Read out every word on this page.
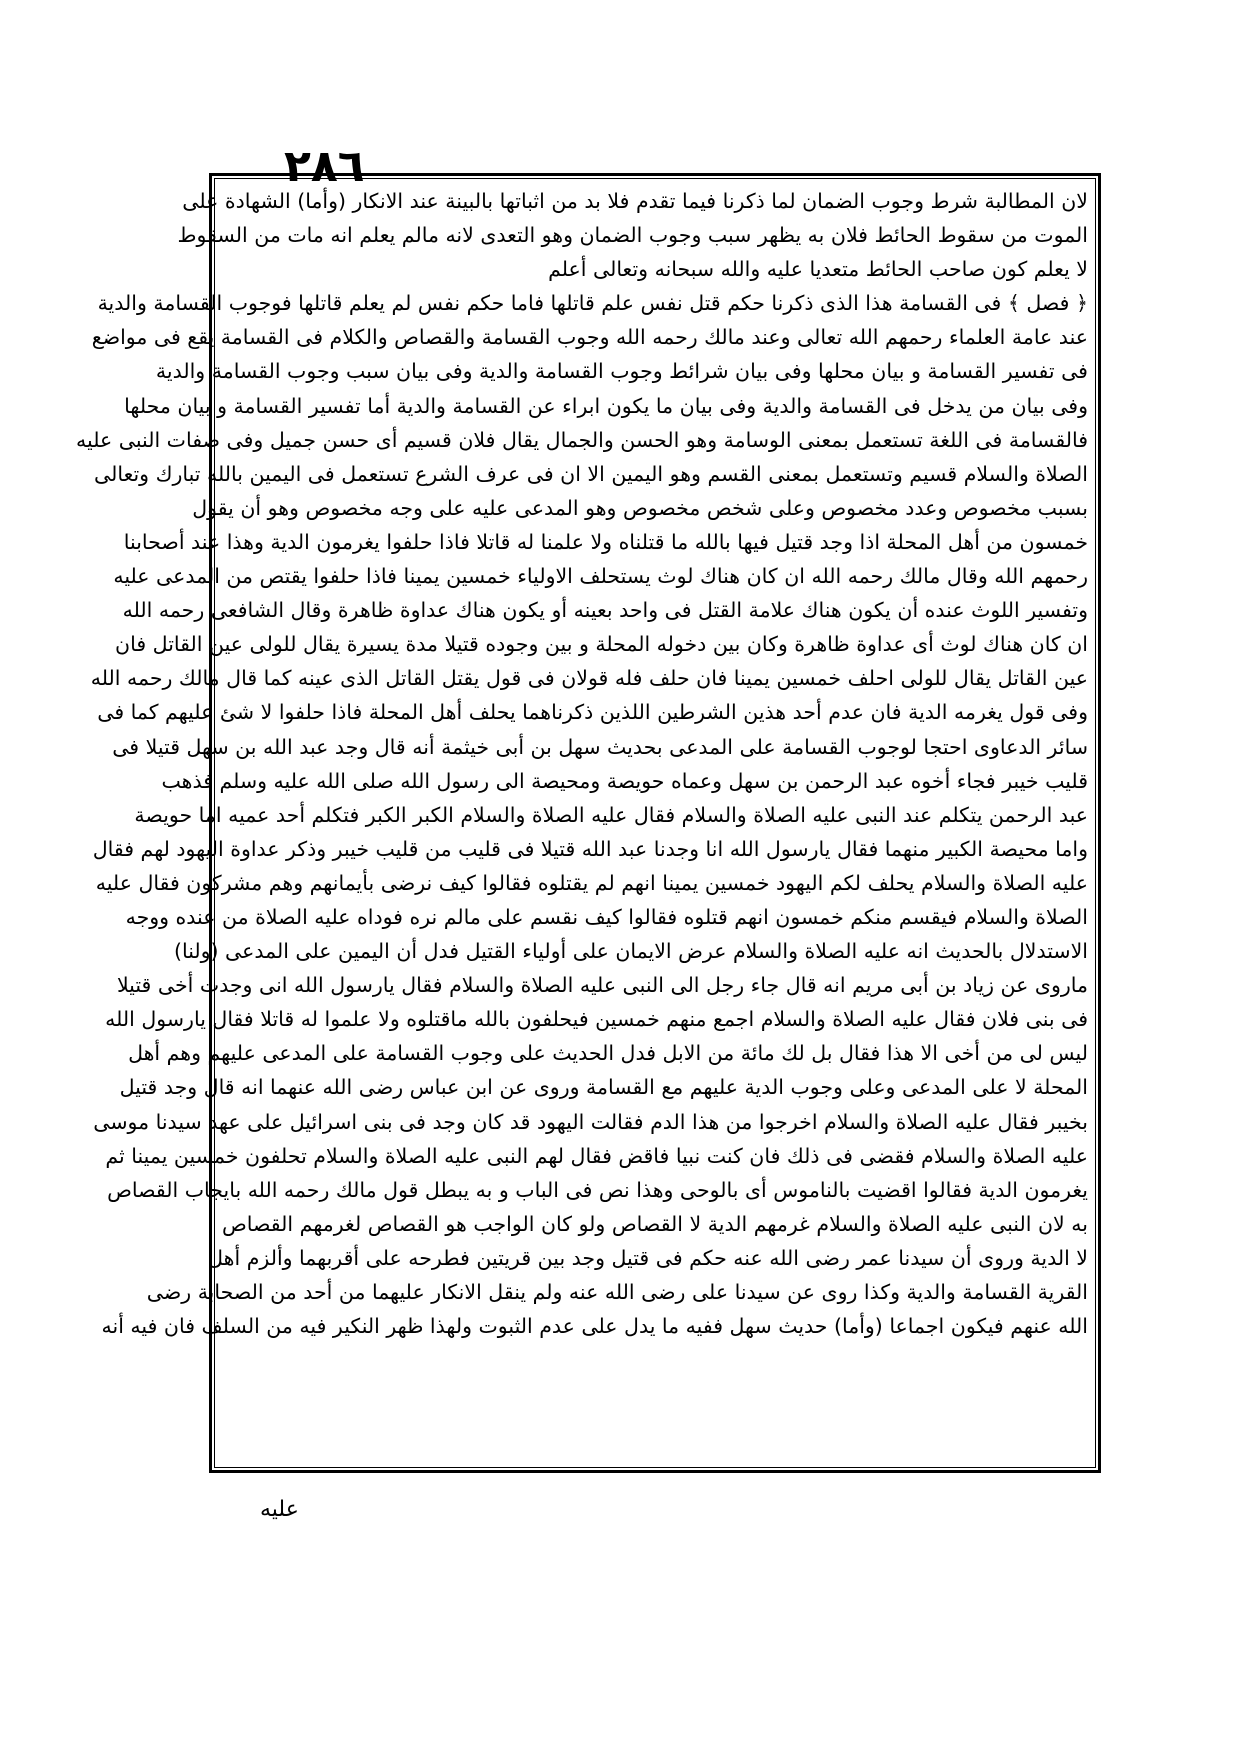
٢٨٦
لان المطالبة شرط وجوب الضمان لما ذكرنا فيما تقدم فلا بد من اثباتها بالبينة عند الانكار (وأما) الشهادة على
الموت من سقوط الحائط فلان به يظهر سبب وجوب الضمان وهو التعدى لانه مالم يعلم انه مات من السقوط
لا يعلم كون صاحب الحائط متعديا عليه والله سبحانه وتعالى أعلم
﴿ فصل ﴾ فى القسامة هذا الذى ذكرنا حكم قتل نفس علم قاتلها فاما حكم نفس لم يعلم قاتلها فوجوب القسامة والدية
عند عامة العلماء رحمهم الله تعالى وعند مالك رحمه الله وجوب القسامة والقصاص والكلام فى القسامة يقع فى مواضع
فى تفسير القسامة و بيان محلها وفى بيان شرائط وجوب القسامة والدية وفى بيان سبب وجوب القسامة والدية
وفى بيان من يدخل فى القسامة والدية وفى بيان ما يكون ابراء عن القسامة والدية أما تفسير القسامة و بيان محلها
فالقسامة فى اللغة تستعمل بمعنى الوسامة وهو الحسن والجمال يقال فلان قسيم أى حسن جميل وفى صفات النبى عليه
الصلاة والسلام قسيم وتستعمل بمعنى القسم وهو اليمين الا ان فى عرف الشرع تستعمل فى اليمين بالله تبارك وتعالى
بسبب مخصوص وعدد مخصوص وعلى شخص مخصوص وهو المدعى عليه على وجه مخصوص وهو أن يقول
خمسون من أهل المحلة اذا وجد قتيل فيها بالله ما قتلناه ولا علمنا له قاتلا فاذا حلفوا يغرمون الدية وهذا عند أصحابنا
رحمهم الله وقال مالك رحمه الله ان كان هناك لوث يستحلف الاولياء خمسين يمينا فاذا حلفوا يقتص من المدعى عليه
وتفسير اللوث عنده أن يكون هناك علامة القتل فى واحد بعينه أو يكون هناك عداوة ظاهرة وقال الشافعى رحمه الله
ان كان هناك لوث أى عداوة ظاهرة وكان بين دخوله المحلة و بين وجوده قتيلا مدة يسيرة يقال للولى عين القاتل فان
عين القاتل يقال للولى احلف خمسين يمينا فان حلف فله قولان فى قول يقتل القاتل الذى عينه كما قال مالك رحمه الله
وفى قول يغرمه الدية فان عدم أحد هذين الشرطين اللذين ذكرناهما يحلف أهل المحلة فاذا حلفوا لا شئ عليهم كما فى
سائر الدعاوى احتجا لوجوب القسامة على المدعى بحديث سهل بن أبى خيثمة أنه قال وجد عبد الله بن سهل قتيلا فى
قليب خيبر فجاء أخوه عبد الرحمن بن سهل وعماه حويصة ومحيصة الى رسول الله صلى الله عليه وسلم فذهب
عبد الرحمن يتكلم عند النبى عليه الصلاة والسلام فقال عليه الصلاة والسلام الكبر الكبر فتكلم أحد عميه اما حويصة
واما محيصة الكبير منهما فقال يارسول الله انا وجدنا عبد الله قتيلا فى قليب من قليب خيبر وذكر عداوة اليهود لهم فقال
عليه الصلاة والسلام يحلف لكم اليهود خمسين يمينا انهم لم يقتلوه فقالوا كيف نرضى بأيمانهم وهم مشركون فقال عليه
الصلاة والسلام فيقسم منكم خمسون انهم قتلوه فقالوا كيف نقسم على مالم نره فوداه عليه الصلاة من عنده ووجه
الاستدلال بالحديث انه عليه الصلاة والسلام عرض الايمان على أولياء القتيل فدل أن اليمين على المدعى (ولنا)
ماروى عن زياد بن أبى مريم انه قال جاء رجل الى النبى عليه الصلاة والسلام فقال يارسول الله انى وجدت أخى قتيلا
فى بنى فلان فقال عليه الصلاة والسلام اجمع منهم خمسين فيحلفون بالله ماقتلوه ولا علموا له قاتلا فقال يارسول الله
ليس لى من أخى الا هذا فقال بل لك مائة من الابل فدل الحديث على وجوب القسامة على المدعى عليهم وهم أهل
المحلة لا على المدعى وعلى وجوب الدية عليهم مع القسامة وروى عن ابن عباس رضى الله عنهما انه قال وجد قتيل
بخيبر فقال عليه الصلاة والسلام اخرجوا من هذا الدم فقالت اليهود قد كان وجد فى بنى اسرائيل على عهد سيدنا موسى
عليه الصلاة والسلام فقضى فى ذلك فان كنت نبيا فاقض فقال لهم النبى عليه الصلاة والسلام تحلفون خمسين يمينا ثم
يغرمون الدية فقالوا اقضيت بالناموس أى بالوحى وهذا نص فى الباب و به يبطل قول مالك رحمه الله بايجاب القصاص
به لان النبى عليه الصلاة والسلام غرمهم الدية لا القصاص ولو كان الواجب هو القصاص لغرمهم القصاص
لا الدية وروى أن سيدنا عمر رضى الله عنه حكم فى قتيل وجد بين قريتين فطرحه على أقربهما وألزم أهل
القرية القسامة والدية وكذا روى عن سيدنا على رضى الله عنه ولم ينقل الانكار عليهما من أحد من الصحابة رضى
الله عنهم فيكون اجماعا (وأما) حديث سهل ففيه ما يدل على عدم الثبوت ولهذا ظهر النكير فيه من السلف فان فيه أنه
عليه
